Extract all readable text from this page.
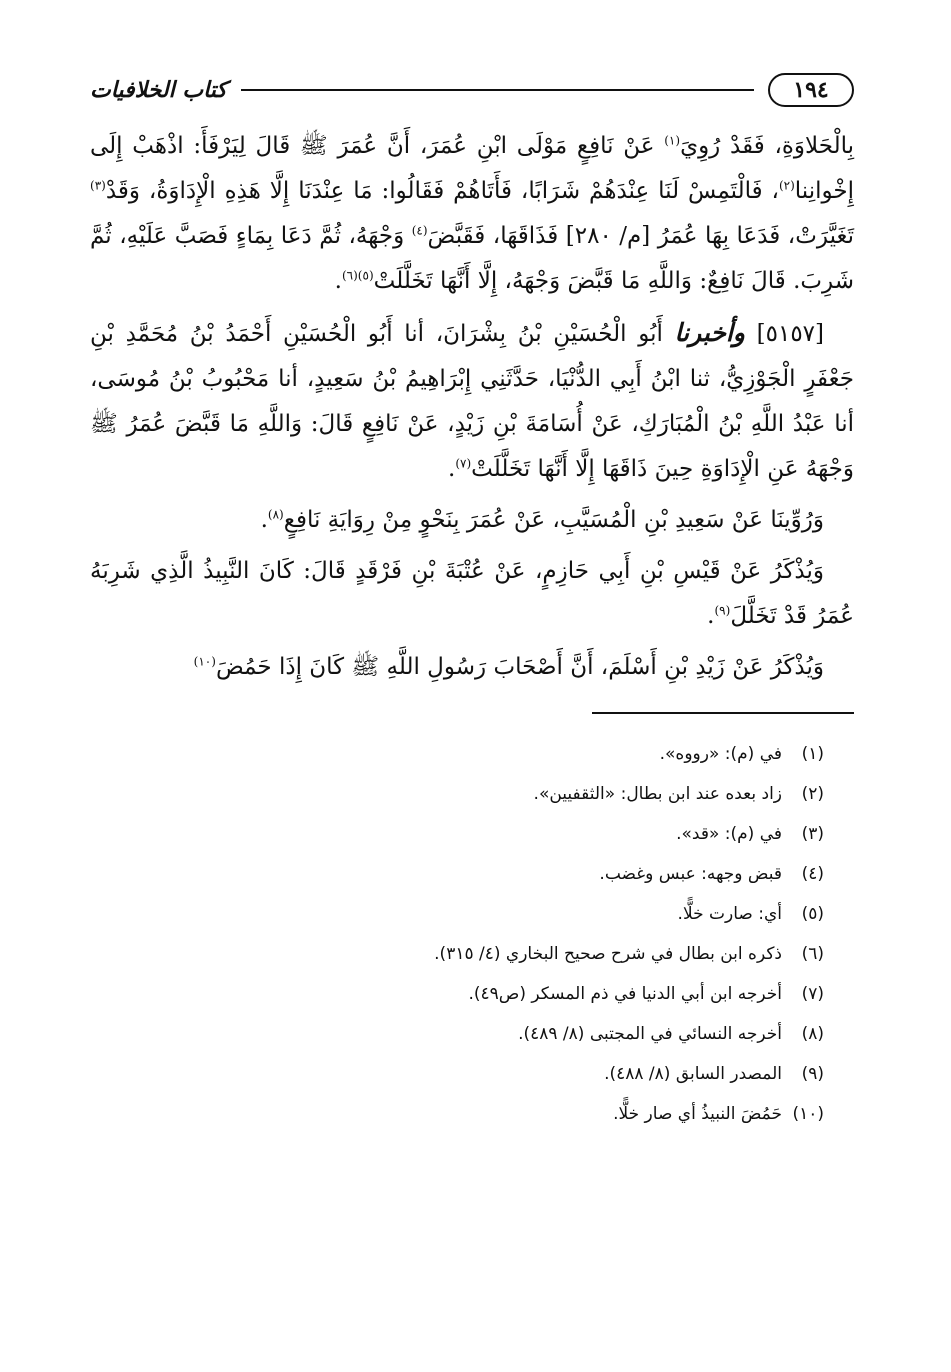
١٩٤
كتاب الخلافيات

بِالْحَلاوَةِ، فَقَدْ رُوِيَ$^{(١)}$ عَنْ نَافِعٍ مَوْلَى ابْنِ عُمَرَ، أَنَّ عُمَرَ ﷺ قَالَ لِيَرْفَأَ: اذْهَبْ إِلَى إِخْوانِنا$^{(٢)}$، فَالْتَمِسْ لَنَا عِنْدَهُمْ شَرَابًا، فَأَتَاهُمْ فَقَالُوا: مَا عِنْدَنَا إِلَّا هَذِهِ الْإِدَاوَةُ، وَقَدْ$^{(٣)}$ تَغَيَّرَتْ، فَدَعَا بِهَا عُمَرُ [م/ ٢٨٠] فَذَاقَهَا، فَقَبَّضَ$^{(٤)}$ وَجْهَهُ، ثُمَّ دَعَا بِمَاءٍ فَصَبَّ عَلَيْهِ، ثُمَّ شَرِبَ. قَالَ نَافِعٌ: وَاللَّهِ مَا قَبَّضَ وَجْهَهُ، إِلَّا أَنَّهَا تَخَلَّلَتْ$^{(٥)(٦)}$.

[٥١٥٧] وأخبرنا أَبُو الْحُسَيْنِ بْنُ بِشْرَانَ، أنا أَبُو الْحُسَيْنِ أَحْمَدُ بْنُ مُحَمَّدِ بْنِ جَعْفَرٍ الْجَوْزِيُّ، ثنا ابْنُ أَبِي الدُّنْيَا، حَدَّثَنِي إِبْرَاهِيمُ بْنُ سَعِيدٍ، أنا مَحْبُوبُ بْنُ مُوسَى، أنا عَبْدُ اللَّهِ بْنُ الْمُبَارَكِ، عَنْ أُسَامَةَ بْنِ زَيْدٍ، عَنْ نَافِعٍ قَالَ: وَاللَّهِ مَا قَبَّضَ عُمَرُ ﷺ وَجْهَهُ عَنِ الْإِدَاوَةِ حِينَ ذَاقَهَا إِلَّا أَنَّهَا تَخَلَّلَتْ$^{(٧)}$.

وَرُوِّينَا عَنْ سَعِيدِ بْنِ الْمُسَيَّبِ، عَنْ عُمَرَ بِنَحْوٍ مِنْ رِوَايَةِ نَافِعٍ$^{(٨)}$.

وَيُذْكَرُ عَنْ قَيْسِ بْنِ أَبِي حَازِمٍ، عَنْ عُتْبَةَ بْنِ فَرْقَدٍ قَالَ: كَانَ النَّبِيذُ الَّذِي شَرِبَهُ عُمَرُ قَدْ تَخَلَّلَ$^{(٩)}$.

وَيُذْكَرُ عَنْ زَيْدِ بْنِ أَسْلَمَ، أَنَّ أَصْحَابَ رَسُولِ اللَّهِ ﷺ كَانَ إِذَا حَمُضَ$^{(١٠)}$

(١)
في (م): «رووه».
(٢)
زاد بعده عند ابن بطال: «الثقفيين».
(٣)
في (م): «قد».
(٤)
قبض وجهه: عبس وغضب.
(٥)
أي: صارت خلًّا.
(٦)
ذكره ابن بطال في شرح صحيح البخاري (٤/ ٣١٥).
(٧)
أخرجه ابن أبي الدنيا في ذم المسكر (ص٤٩).
(٨)
أخرجه النسائي في المجتبى (٨/ ٤٨٩).
(٩)
المصدر السابق (٨/ ٤٨٨).
(١٠)
حَمُضَ النبيذُ أي صار خلًّا.
